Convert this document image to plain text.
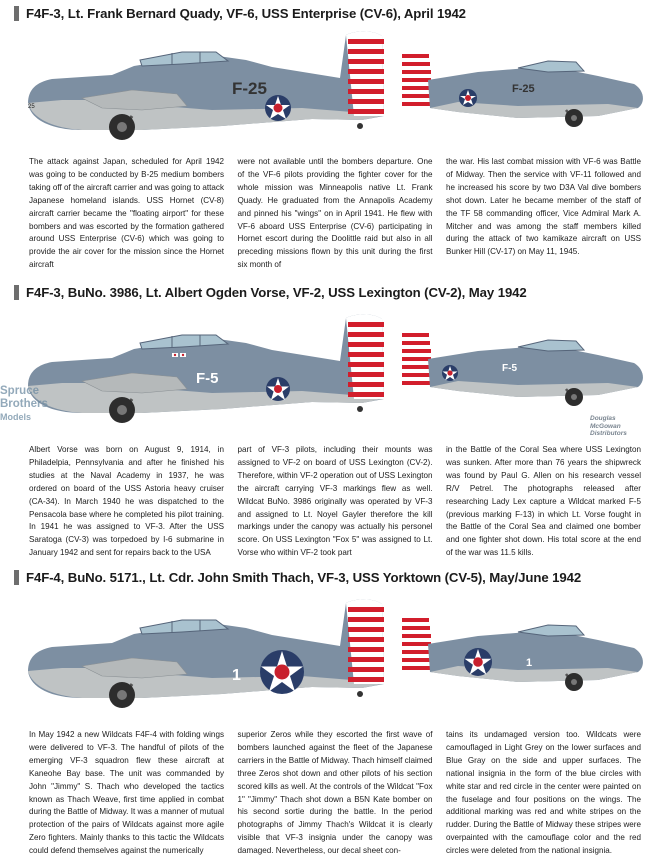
F4F-3, Lt. Frank Bernard Quady, VF-6, USS Enterprise (CV-6), April 1942
F-25
25
F-25
The attack against Japan, scheduled for April 1942 was going to be conducted by B-25 medium bombers taking off of the aircraft carrier and was going to attack Japanese homeland islands. USS Hornet (CV-8) aircraft carrier became the "floating airport" for these bombers and was escorted by the formation gathered around USS Enterprise (CV-6) which was going to provide the air cover for the mission since the Hornet aircraft
were not available until the bombers departure. One of the VF-6 pilots providing the fighter cover for the whole mission was Minneapolis native Lt. Frank Quady. He graduated from the Annapolis Academy and pinned his "wings" on in April 1941. He flew with VF-6 aboard USS Enterprise (CV-6) participating in Hornet escort during the Doolittle raid but also in all preceding missions flown by this unit during the first six month of
the war. His last combat mission with VF-6 was Battle of Midway. Then the service with VF-11 followed and he increased his score by two D3A Val dive bombers shot down. Later he became member of the staff of the TF 58 commanding officer, Vice Admiral Mark A. Mitcher and was among the staff members killed during the attack of two kamikaze aircraft on USS Bunker Hill (CV-17) on May 11, 1945.
F4F-3, BuNo. 3986, Lt. Albert Ogden Vorse, VF-2, USS Lexington (CV-2), May 1942
F-5
F-5
Spruce
Brothers
Models	Douglas
McGowan
Distributors
Albert Vorse was born on August 9, 1914, in Philadelpia, Pennsylvania and after he finished his studies at the Naval Academy in 1937, he was ordered on board of the USS Astoria heavy cruiser (CA-34). In March 1940 he was dispatched to the Pensacola base where he completed his pilot training. In 1941 he was assigned to VF-3. After the USS Saratoga (CV-3) was torpedoed by I-6 submarine in January 1942 and sent for repairs back to the USA
part of VF-3 pilots, including their mounts was assigned to VF-2 on board of USS Lexington (CV-2). Therefore, within VF-2 operation out of USS Lexington the aircraft carrying VF-3 markings flew as well. Wildcat BuNo. 3986 originally was operated by VF-3 and assigned to Lt. Noyel Gayler therefore the kill markings under the canopy was actually his personel score. On USS Lexington "Fox 5" was assigned to Lt. Vorse who within VF-2 took part
in the Battle of the Coral Sea where USS Lexington was sunken. After more than 76 years the shipwreck was found by Paul G. Allen on his research vessel R/V Petrel. The photographs released after researching Lady Lex capture a Wildcat marked F-5 (previous marking F-13) in which Lt. Vorse fought in the Battle of the Coral Sea and claimed one bomber and one fighter shot down. His total score at the end of the war was 11.5 kills.
F4F-4, BuNo. 5171., Lt. Cdr. John Smith Thach, VF-3, USS Yorktown (CV-5), May/June 1942
1
1
In May 1942 a new Wildcats F4F-4 with folding wings were delivered to VF-3. The handful of pilots of the emerging VF-3 squadron flew these aircraft at Kaneohe Bay base. The unit was commanded by John "Jimmy" S. Thach who developed the tactics known as Thach Weave, first time applied in combat during the Battle of Midway. It was a manner of mutual protection of the pairs of Wildcats against more agile Zero fighters. Mainly thanks to this tactic the Wildcats could defend themselves against the numerically
superior Zeros while they escorted the first wave of bombers launched against the fleet of the Japanese carriers in the Battle of Midway. Thach himself claimed three Zeros shot down and other pilots of his section scored kills as well. At the controls of the Wildcat "Fox 1" "Jimmy" Thach shot down a B5N Kate bomber on his second sortie during the battle. In the period photographs of Jimmy Thach's Wildcat it is clearly visible that VF-3 insignia under the canopy was damaged. Nevertheless, our decal sheet con-
tains its undamaged version too. Wildcats were camouflaged in Light Grey on the lower surfaces and Blue Gray on the side and upper surfaces. The national insignia in the form of the blue circles with white star and red circle in the center were painted on the fuselage and four positions on the wings. The additional marking was red and white stripes on the rudder. During the Battle of Midway these stripes were overpainted with the camouflage color and the red circles were deleted from the national insignia.
